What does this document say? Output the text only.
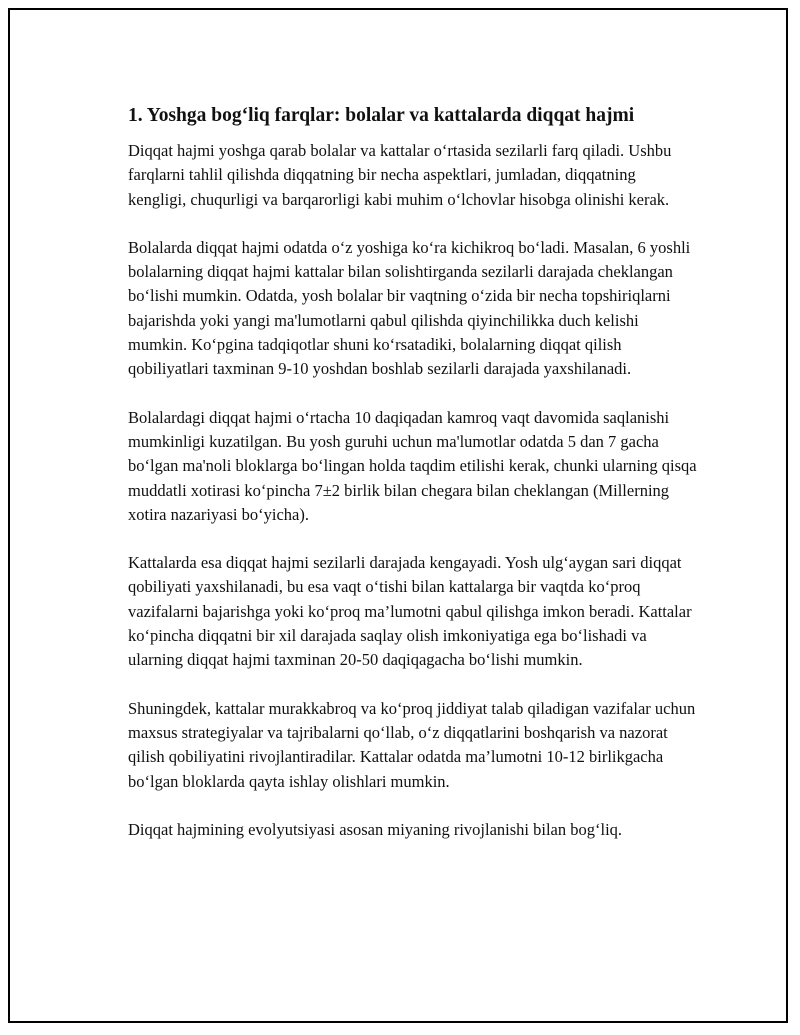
1. Yoshga bog‘liq farqlar: bolalar va kattalarda diqqat hajmi

Diqqat hajmi yoshga qarab bolalar va kattalar o‘rtasida sezilarli farq qiladi. Ushbu farqlarni tahlil qilishda diqqatning bir necha aspektlari, jumladan, diqqatning kengligi, chuqurligi va barqarorligi kabi muhim o‘lchovlar hisobga olinishi kerak.

Bolalarda diqqat hajmi odatda o‘z yoshiga ko‘ra kichikroq bo‘ladi. Masalan, 6 yoshli bolalarning diqqat hajmi kattalar bilan solishtirganda sezilarli darajada cheklangan bo‘lishi mumkin. Odatda, yosh bolalar bir vaqtning o‘zida bir necha topshiriqlarni bajarishda yoki yangi ma'lumotlarni qabul qilishda qiyinchilikka duch kelishi mumkin. Ko‘pgina tadqiqotlar shuni ko‘rsatadiki, bolalarning diqqat qilish qobiliyatlari taxminan 9-10 yoshdan boshlab sezilarli darajada yaxshilanadi.

Bolalardagi diqqat hajmi o‘rtacha 10 daqiqadan kamroq vaqt davomida saqlanishi mumkinligi kuzatilgan. Bu yosh guruhi uchun ma'lumotlar odatda 5 dan 7 gacha bo‘lgan ma'noli bloklarga bo‘lingan holda taqdim etilishi kerak, chunki ularning qisqa muddatli xotirasi ko‘pincha 7±2 birlik bilan chegara bilan cheklangan (Millerning xotira nazariyasi bo‘yicha).

Kattalarda esa diqqat hajmi sezilarli darajada kengayadi. Yosh ulg‘aygan sari diqqat qobiliyati yaxshilanadi, bu esa vaqt o‘tishi bilan kattalarga bir vaqtda ko‘proq vazifalarni bajarishga yoki ko‘proq ma’lumotni qabul qilishga imkon beradi. Kattalar ko‘pincha diqqatni bir xil darajada saqlay olish imkoniyatiga ega bo‘lishadi va ularning diqqat hajmi taxminan 20-50 daqiqagacha bo‘lishi mumkin.

Shuningdek, kattalar murakkabroq va ko‘proq jiddiyat talab qiladigan vazifalar uchun maxsus strategiyalar va tajribalarni qo‘llab, o‘z diqqatlarini boshqarish va nazorat qilish qobiliyatini rivojlantiradilar. Kattalar odatda ma’lumotni 10-12 birlikgacha bo‘lgan bloklarda qayta ishlay olishlari mumkin.

Diqqat hajmining evolyutsiyasi asosan miyaning rivojlanishi bilan bog‘liq.
